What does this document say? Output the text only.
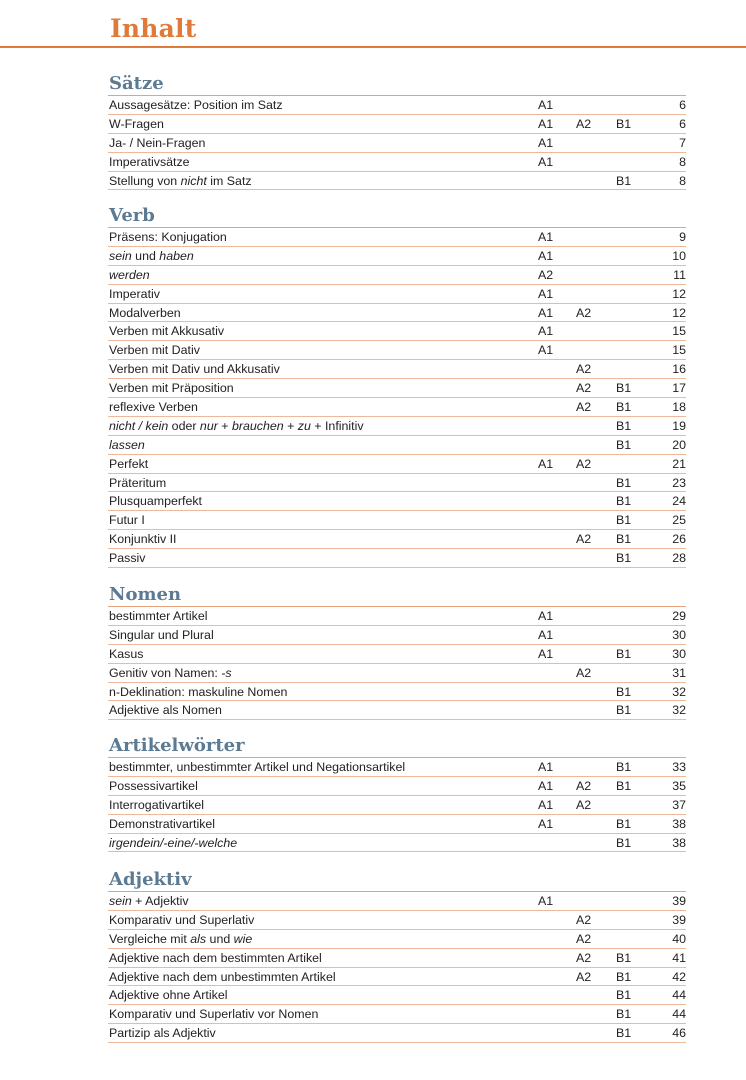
Inhalt
Sätze
Aussagesätze: Position im Satz	A1	6
W-Fragen	A1 A2 B1	6
Ja- / Nein-Fragen	A1	7
Imperativsätze	A1	8
Stellung von nicht im Satz	B1	8
Verb
Präsens: Konjugation	A1	9
sein und haben	A1	10
werden	A2	11
Imperativ	A1	12
Modalverben	A1 A2	12
Verben mit Akkusativ	A1	15
Verben mit Dativ	A1	15
Verben mit Dativ und Akkusativ	A2	16
Verben mit Präposition	A2 B1	17
reflexive Verben	A2 B1	18
nicht / kein oder nur + brauchen + zu + Infinitiv	B1	19
lassen	B1	20
Perfekt	A1 A2	21
Präteritum	B1	23
Plusquamperfekt	B1	24
Futur I	B1	25
Konjunktiv II	A2 B1	26
Passiv	B1	28
Nomen
bestimmter Artikel	A1	29
Singular und Plural	A1	30
Kasus	A1	B1	30
Genitiv von Namen: -s	A2	31
n-Deklination: maskuline Nomen	B1	32
Adjektive als Nomen	B1	32
Artikelwörter
bestimmter, unbestimmter Artikel und Negationsartikel	A1	B1	33
Possessivartikel	A1 A2 B1	35
Interrogativartikel	A1 A2	37
Demonstrativartikel	A1	B1	38
irgendein/-eine/-welche	B1	38
Adjektiv
sein + Adjektiv	A1	39
Komparativ und Superlativ	A2	39
Vergleiche mit als und wie	A2	40
Adjektive nach dem bestimmten Artikel	A2 B1	41
Adjektive nach dem unbestimmten Artikel	A2 B1	42
Adjektive ohne Artikel	B1	44
Komparativ und Superlativ vor Nomen	B1	44
Partizip als Adjektiv	B1	46
